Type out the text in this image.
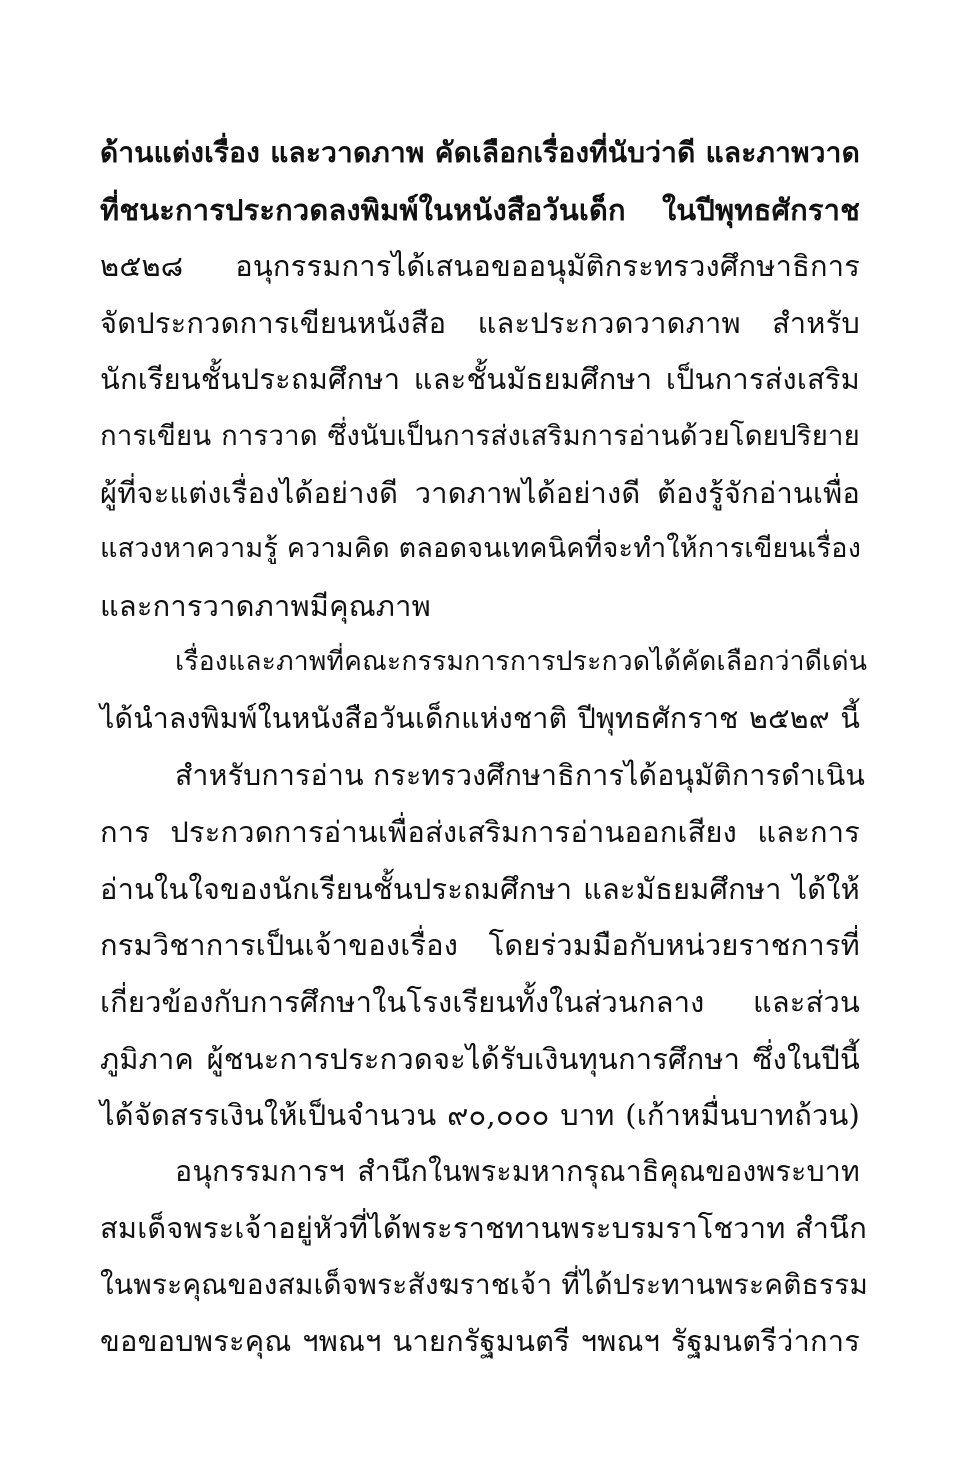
ด้านแต่งเรื่อง และวาดภาพ คัดเลือกเรื่องที่นับว่าดี และภาพวาด
ที่ชนะการประกวดลงพิมพ์ในหนังสือวันเด็ก ในปีพุทธศักราช
๒๕๒๘ อนุกรรมการได้เสนอขออนุมัติกระทรวงศึกษาธิการ
จัดประกวดการเขียนหนังสือ และประกวดวาดภาพ สำหรับ
นักเรียนชั้นประถมศึกษา และชั้นมัธยมศึกษา เป็นการส่งเสริม
การเขียน การวาด ซึ่งนับเป็นการส่งเสริมการอ่านด้วยโดยปริยาย
ผู้ที่จะแต่งเรื่องได้อย่างดี วาดภาพได้อย่างดี ต้องรู้จักอ่านเพื่อ
แสวงหาความรู้ ความคิด ตลอดจนเทคนิคที่จะทำให้การเขียนเรื่อง
และการวาดภาพมีคุณภาพ
เรื่องและภาพที่คณะกรรมการการประกวดได้คัดเลือกว่าดีเด่น
ได้นำลงพิมพ์ในหนังสือวันเด็กแห่งชาติ ปีพุทธศักราช ๒๕๒๙ นี้
สำหรับการอ่าน กระทรวงศึกษาธิการได้อนุมัติการดำเนิน
การ ประกวดการอ่านเพื่อส่งเสริมการอ่านออกเสียง และการ
อ่านในใจของนักเรียนชั้นประถมศึกษา และมัธยมศึกษา ได้ให้
กรมวิชาการเป็นเจ้าของเรื่อง โดยร่วมมือกับหน่วยราชการที่
เกี่ยวข้องกับการศึกษาในโรงเรียนทั้งในส่วนกลาง และส่วน
ภูมิภาค ผู้ชนะการประกวดจะได้รับเงินทุนการศึกษา ซึ่งในปีนี้
ได้จัดสรรเงินให้เป็นจำนวน ๙๐,๐๐๐ บาท (เก้าหมื่นบาทถ้วน)
อนุกรรมการฯ สำนึกในพระมหากรุณาธิคุณของพระบาท
สมเด็จพระเจ้าอยู่หัวที่ได้พระราชทานพระบรมราโชวาท สำนึก
ในพระคุณของสมเด็จพระสังฆราชเจ้า ที่ได้ประทานพระคติธรรม
ขอขอบพระคุณ ฯพณฯ นายกรัฐมนตรี ฯพณฯ รัฐมนตรีว่าการ
